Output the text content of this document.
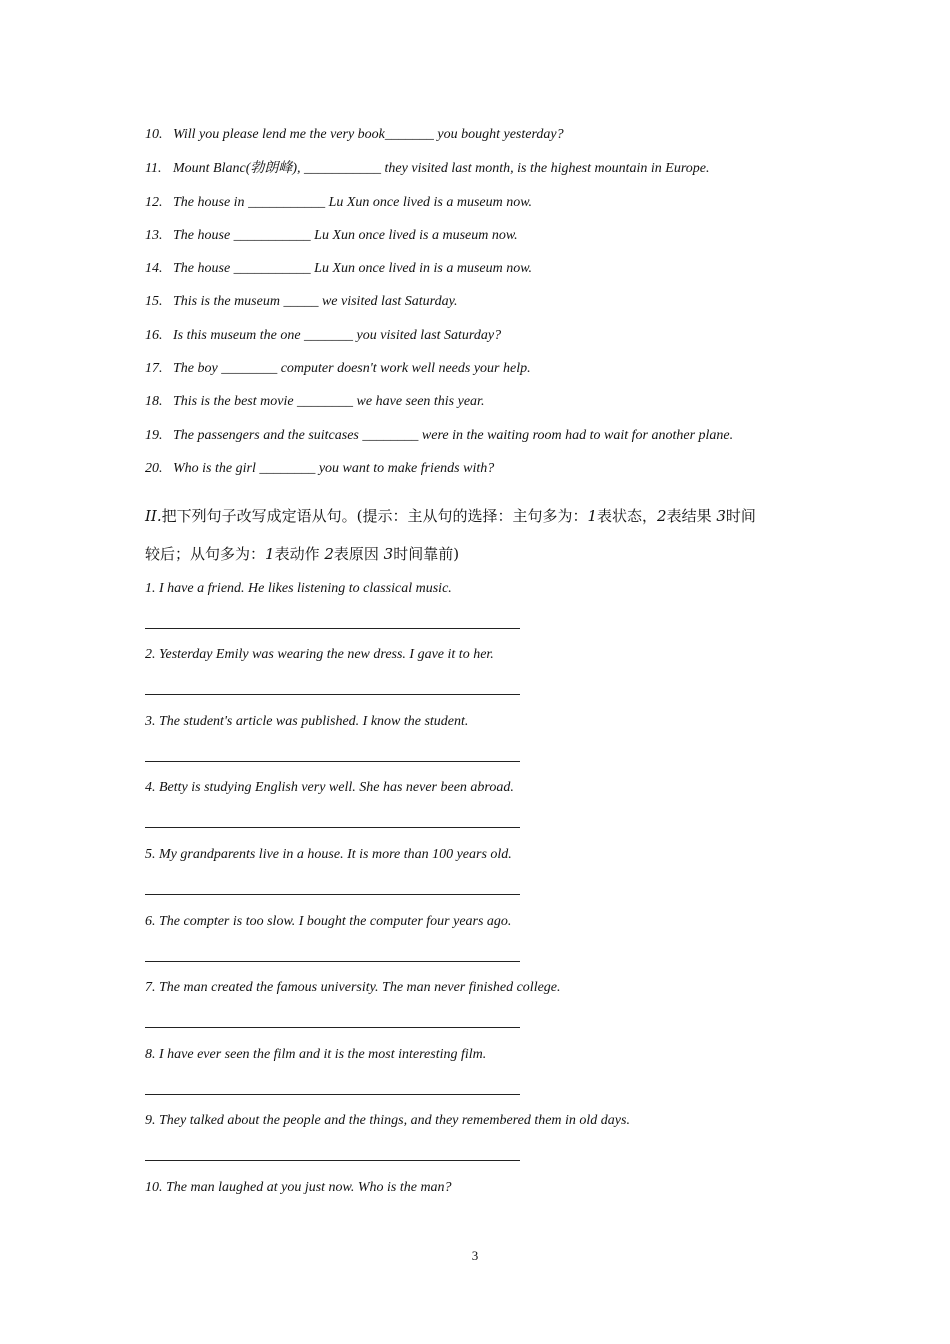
10. Will you please lend me the very book_______ you bought yesterday?
11. Mount Blanc(勃朗峰), ___________ they visited last month, is the highest mountain in Europe.
12. The house in ___________ Lu Xun once lived is a museum now.
13. The house ___________ Lu Xun once lived is a museum now.
14. The house ___________ Lu Xun once lived in is a museum now.
15. This is the museum _____ we visited last Saturday.
16. Is this museum the one _______ you visited last Saturday?
17. The boy ________ computer doesn't work well needs your help.
18. This is the best movie ________ we have seen this year.
19. The passengers and the suitcases ________ were in the waiting room had to wait for another plane.
20. Who is the girl ________ you want to make friends with?
II.把下列句子改写成定语从句。(提示：主从句的选择：主句多为：1表状态，2表结果 3时间
较后；从句多为：1表动作 2表原因 3时间靠前)
1. I have a friend. He likes listening to classical music.
2. Yesterday Emily was wearing the new dress. I gave it to her.
3. The student's article was published. I know the student.
4. Betty is studying English very well. She has never been abroad.
5. My grandparents live in a house. It is more than 100 years old.
6. The compter is too slow. I bought the computer four years ago.
7. The man created the famous university. The man never finished college.
8. I have ever seen the film and it is the most interesting film.
9. They talked about the people and the things, and they remembered them in old days.
10. The man laughed at you just now. Who is the man?
3
